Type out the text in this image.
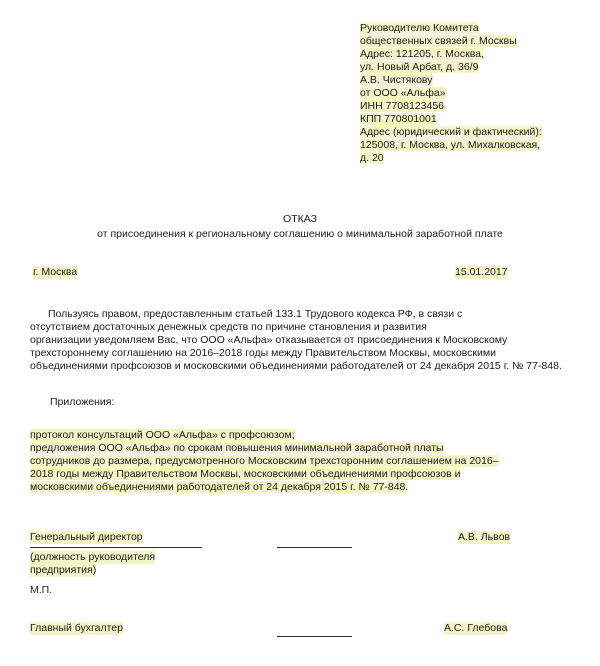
Руководителю Комитета
общественных связей г. Москвы
Адрес: 121205, г. Москва,
ул. Новый Арбат, д. 36/9
А.В. Чистякову
от ООО «Альфа»
ИНН 7708123456
КПП 770801001
Адрес (юридический и фактический):
125008, г. Москва, ул. Михалковская,
д. 20
ОТКАЗ
от присоединения к региональному соглашению о минимальной заработной плате
г. Москва	15.01.2017
Пользуясь правом, предоставленным статьей 133.1 Трудового кодекса РФ, в связи с
отсутствием достаточных денежных средств по причине становления и развития
организации уведомляем Вас, что ООО «Альфа» отказывается от присоединения к Московскому
трехстороннему соглашению на 2016–2018 годы между Правительством Москвы, московскими
объединениями профсоюзов и московскими объединениями работодателей от 24 декабря 2015 г. № 77-848.
Приложения:
протокол консультаций ООО «Альфа» с профсоюзом;
предложения ООО «Альфа» по срокам повышения минимальной заработной платы
сотрудников до размера, предусмотренного Московским трехсторонним соглашением на 2016–
2018 годы между Правительством Москвы, московскими объединениями профсоюзов и
московскими объединениями работодателей от 24 декабря 2015 г. № 77-848.
Генеральный директор	А.В. Львов
(должность руководителя
предприятия)
М.П.
Главный бухгалтер	А.С. Глебова
